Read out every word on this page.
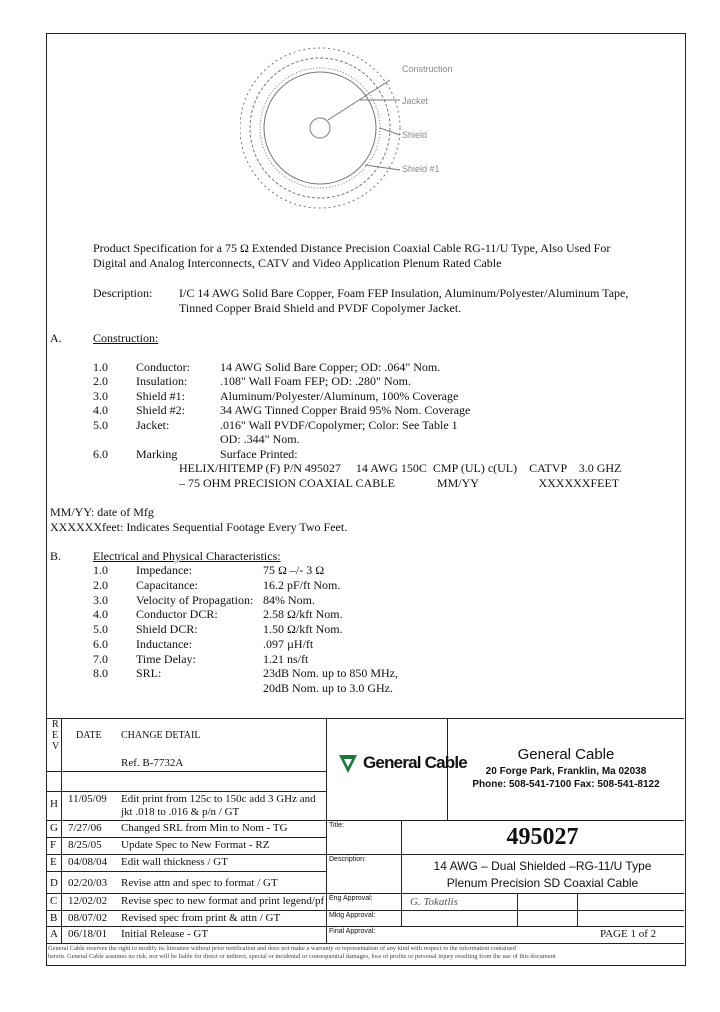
Construction
Jacket
Shield
Shield #1
Product Specification for a 75 Ω Extended Distance Precision Coaxial Cable RG-11/U Type, Also Used For
Digital and Analog Interconnects, CATV and Video Application Plenum Rated Cable
Description: I/C 14 AWG Solid Bare Copper, Foam FEP Insulation, Aluminum/Polyester/Aluminum Tape,
Tinned Copper Braid Shield and PVDF Copolymer Jacket.
A.	Construction:
1.0 Conductor:	14 AWG Solid Bare Copper; OD: .064" Nom.
2.0 Insulation:	.108" Wall Foam FEP; OD: .280" Nom.
3.0 Shield #1:	Aluminum/Polyester/Aluminum, 100% Coverage
4.0 Shield #2:	34 AWG Tinned Copper Braid 95% Nom. Coverage
5.0 Jacket:	.016" Wall PVDF/Copolymer; Color: See Table 1
OD: .344" Nom.
6.0 Marking	Surface Printed:
HELIX/HITEMP (F) P/N 495027     14 AWG 150C  CMP (UL) c(UL)    CATVP    3.0 GHZ
– 75 OHM PRECISION COAXIAL CABLE              MM/YY                    XXXXXXFEET
MM/YY: date of Mfg
XXXXXXfeet: Indicates Sequential Footage Every Two Feet.
B.	Electrical and Physical Characteristics:
1.0 Impedance:	75 Ω –/- 3 Ω
2.0 Capacitance:	16.2 pF/ft Nom.
3.0 Velocity of Propagation: 84% Nom.
4.0 Conductor DCR:	2.58 Ω/kft Nom.
5.0 Shield DCR:	1.50 Ω/kft Nom.
6.0 Inductance:	.097 µH/ft
7.0 Time Delay:	1.21 ns/ft
8.0 SRL:	23dB Nom. up to 850 MHz,
20dB Nom. up to 3.0 GHz.
R
E
V
DATE CHANGE DETAIL
Ref. B-7732A
H 11/05/09 Edit print from 125c to 150c add 3 GHz and
jkt .018 to .016 & p/n / GT
G 7/27/06 Changed SRL from Min to Nom - TG
F 8/25/05 Update Spec to New Format - RZ
E 04/08/04 Edit wall thickness / GT
D 02/20/03 Revise attn and spec to format / GT
C 12/02/02 Revise spec to new format and print legend/pf
B 08/07/02 Revised spec from print & attn / GT
A 06/18/01 Initial Release - GT
General Cable	General Cable
20 Forge Park, Franklin, Ma 02038
Phone: 508-541-7100 Fax: 508-541-8122
Title:	495027
Description:	14 AWG – Dual Shielded –RG-11/U Type
Plenum Precision SD Coaxial Cable
Eng Approval:	G. Tokatlis
Mktg Approval:
Final Approval:	PAGE 1 of 2
General Cable reserves the right to modify its literature without prior notification and does not make a warranty or representation of any kind with respect to the information contained
herein. General Cable assumes no risk, nor will be liable for direct or indirect, special or incidental or consequential damages, loss of profits or personal injury resulting from the use of this document
